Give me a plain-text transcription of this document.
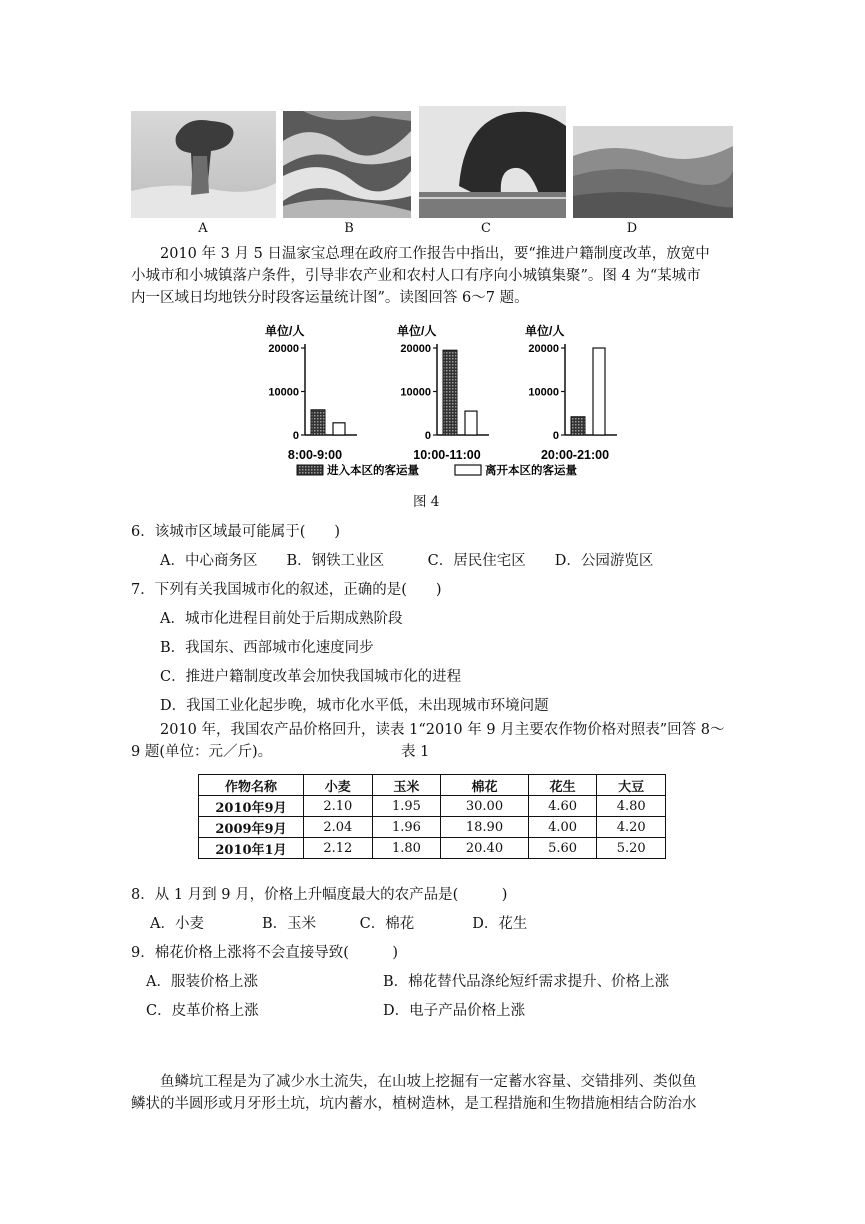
A	B	C	D
2010 年 3 月 5 日温家宝总理在政府工作报告中指出，要“推进户籍制度改革，放宽中
小城市和小城镇落户条件，引导非农产业和农村人口有序向小城镇集聚”。图 4 为“某城市
内一区域日均地铁分时段客运量统计图”。读图回答 6～7 题。
单位/人
20000
10000
0
8:00-9:00
单位/人
20000
10000
0
10:00-11:00
单位/人
20000
10000
0
20:00-21:00
进入本区的客运量	离开本区的客运量
图 4
6．该城市区域最可能属于(　　)
A．中心商务区　　B．钢铁工业区　　　C．居民住宅区　　D．公园游览区
7．下列有关我国城市化的叙述，正确的是(　　)
A．城市化进程目前处于后期成熟阶段
B．我国东、西部城市化速度同步
C．推进户籍制度改革会加快我国城市化的进程
D．我国工业化起步晚，城市化水平低，未出现城市环境问题
2010 年，我国农产品价格回升，读表 1“2010 年 9 月主要农作物价格对照表”回答 8～
9 题(单位：元／斤)。	表 1
作物名称	小麦	玉米	棉花	花生	大豆
2010年9月	2.10	1.95	30.00	4.60	4.80
2009年9月	2.04	1.96	18.90	4.00	4.20
2010年1月	2.12	1.80	20.40	5.60	5.20
8．从 1 月到 9 月，价格上升幅度最大的农产品是(　　　)
A．小麦　　　　B．玉米　　　C．棉花　　　　D．花生
9．棉花价格上涨将不会直接导致(　　　)
A．服装价格上涨	B．棉花替代品涤纶短纤需求提升、价格上涨
C．皮革价格上涨	D．电子产品价格上涨
鱼鳞坑工程是为了减少水土流失，在山坡上挖掘有一定蓄水容量、交错排列、类似鱼
鳞状的半圆形或月牙形土坑，坑内蓄水，植树造林，是工程措施和生物措施相结合防治水
